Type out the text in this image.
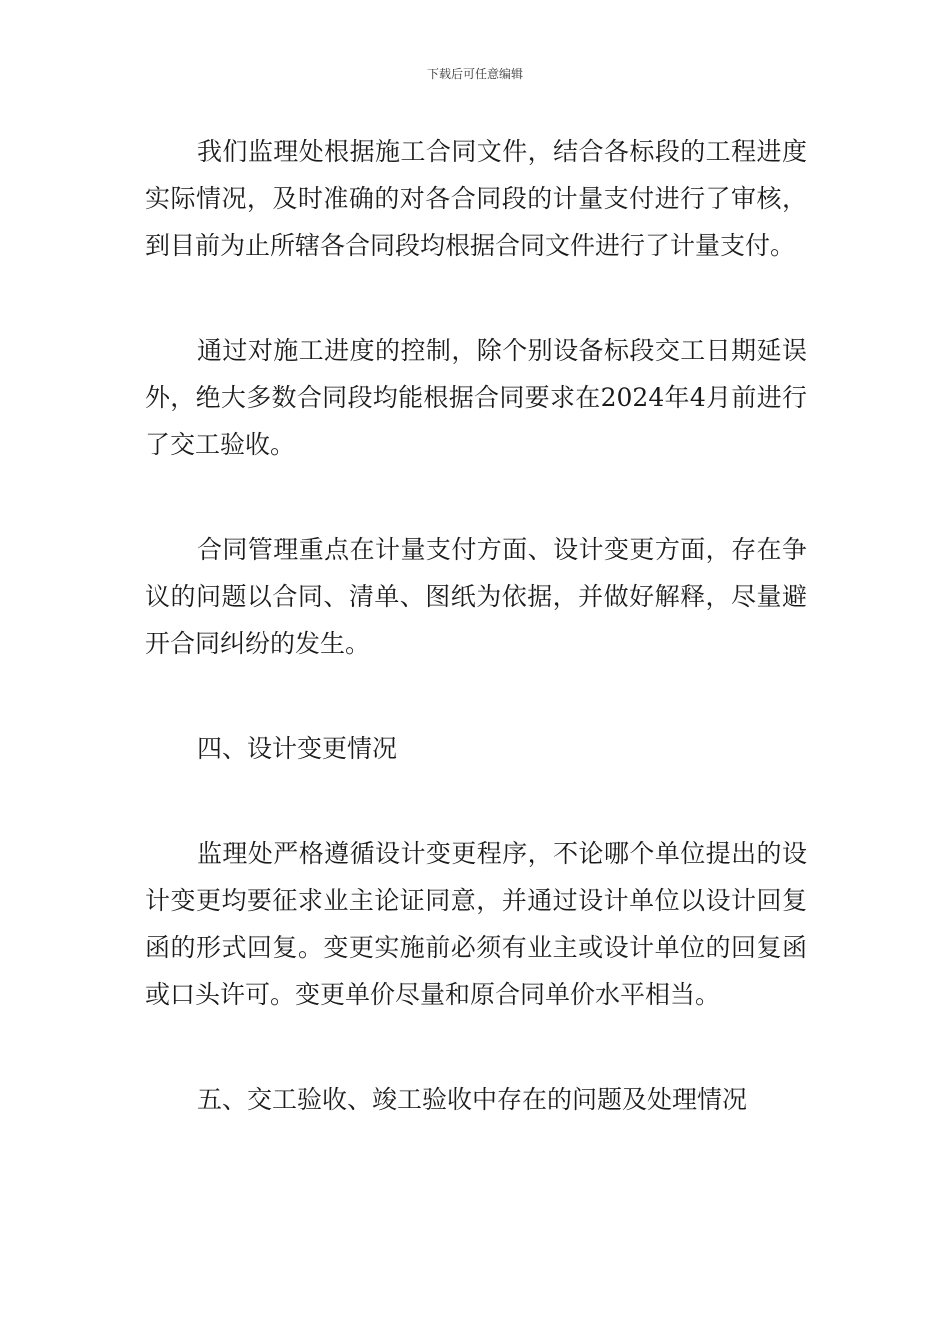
下载后可任意编辑

我们监理处根据施工合同文件，结合各标段的工程进度实际情况，及时准确的对各合同段的计量支付进行了审核，到目前为止所辖各合同段均根据合同文件进行了计量支付。

通过对施工进度的控制，除个别设备标段交工日期延误外，绝大多数合同段均能根据合同要求在2024年4月前进行了交工验收。

合同管理重点在计量支付方面、设计变更方面，存在争议的问题以合同、清单、图纸为依据，并做好解释，尽量避开合同纠纷的发生。

四、设计变更情况

监理处严格遵循设计变更程序，不论哪个单位提出的设计变更均要征求业主论证同意，并通过设计单位以设计回复函的形式回复。变更实施前必须有业主或设计单位的回复函或口头许可。变更单价尽量和原合同单价水平相当。

五、交工验收、竣工验收中存在的问题及处理情况
